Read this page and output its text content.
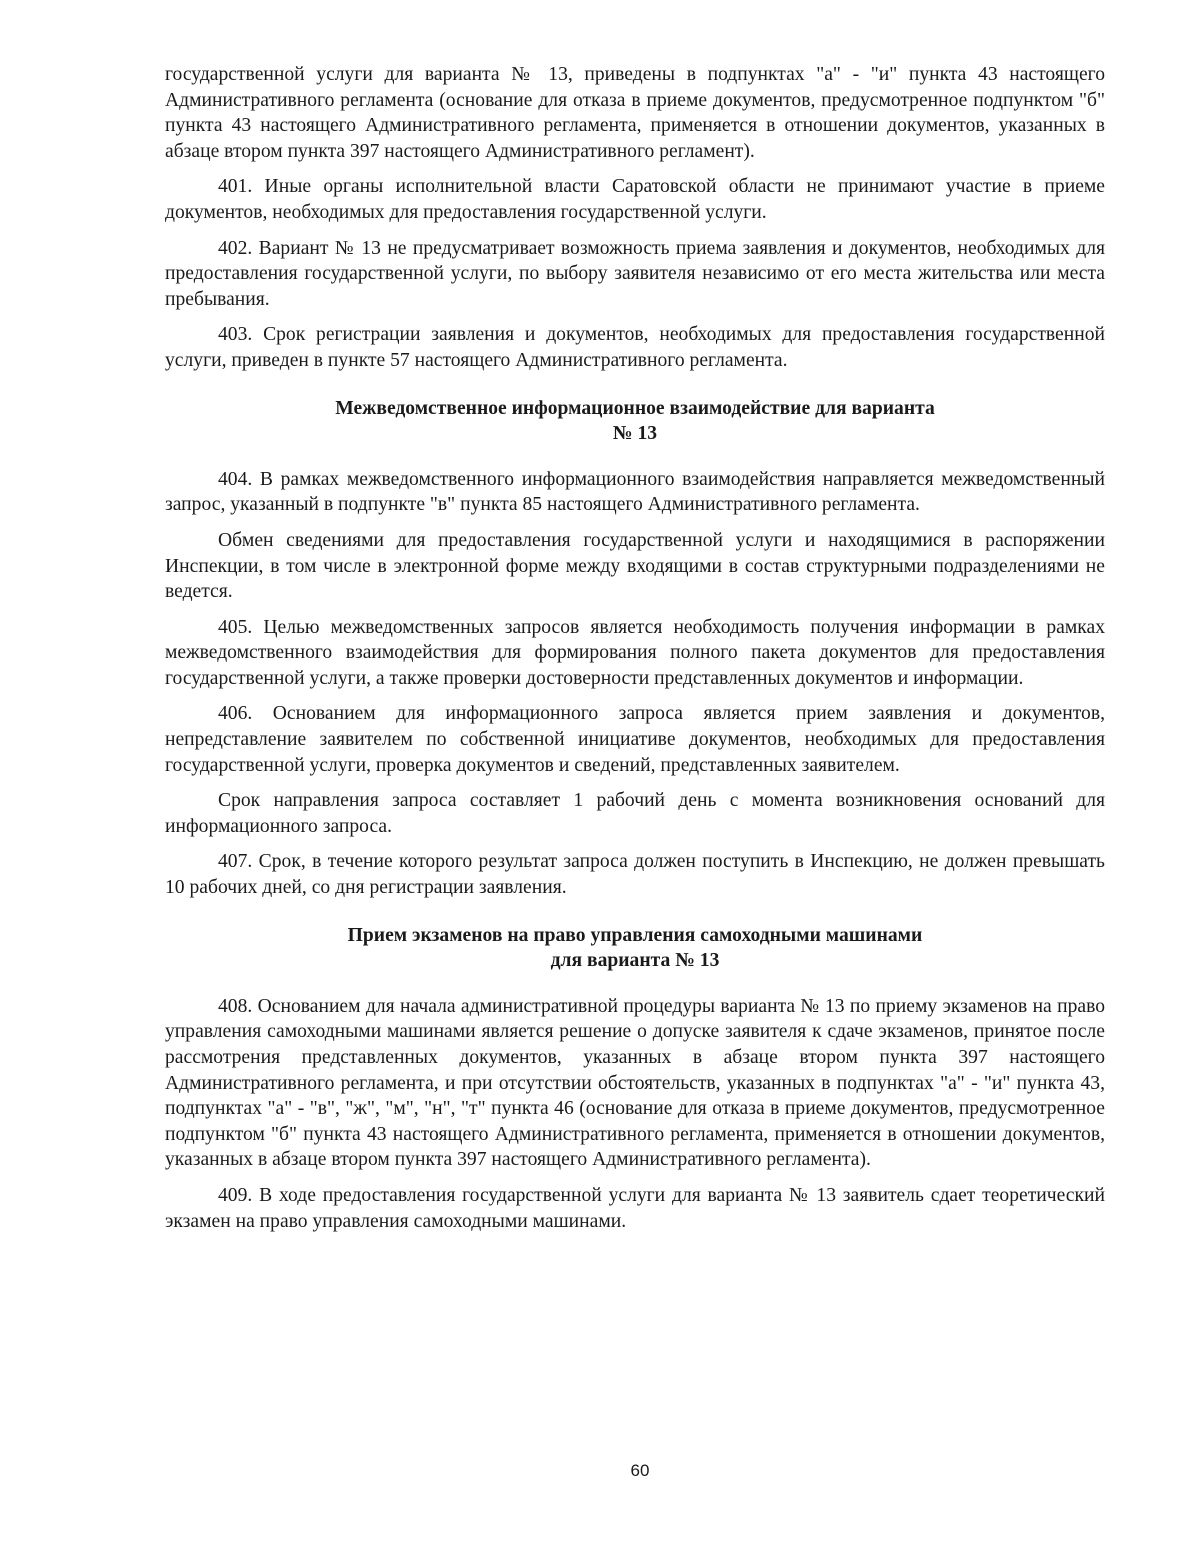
государственной услуги для варианта № 13, приведены в подпунктах "а" - "и" пункта 43 настоящего Административного регламента (основание для отказа в приеме документов, предусмотренное подпунктом "б" пункта 43 настоящего Административного регламента, применяется в отношении документов, указанных в абзаце втором пункта 397 настоящего Административного регламент).

401. Иные органы исполнительной власти Саратовской области не принимают участие в приеме документов, необходимых для предоставления государственной услуги.

402. Вариант № 13 не предусматривает возможность приема заявления и документов, необходимых для предоставления государственной услуги, по выбору заявителя независимо от его места жительства или места пребывания.

403. Срок регистрации заявления и документов, необходимых для предоставления государственной услуги, приведен в пункте 57 настоящего Административного регламента.

Межведомственное информационное взаимодействие для варианта
№ 13

404. В рамках межведомственного информационного взаимодействия направляется межведомственный запрос, указанный в подпункте "в" пункта 85 настоящего Административного регламента.

Обмен сведениями для предоставления государственной услуги и находящимися в распоряжении Инспекции, в том числе в электронной форме между входящими в состав структурными подразделениями не ведется.

405. Целью межведомственных запросов является необходимость получения информации в рамках межведомственного взаимодействия для формирования полного пакета документов для предоставления государственной услуги, а также проверки достоверности представленных документов и информации.

406. Основанием для информационного запроса является прием заявления и документов, непредставление заявителем по собственной инициативе документов, необходимых для предоставления государственной услуги, проверка документов и сведений, представленных заявителем.

Срок направления запроса составляет 1 рабочий день с момента возникновения оснований для информационного запроса.

407. Срок, в течение которого результат запроса должен поступить в Инспекцию, не должен превышать 10 рабочих дней, со дня регистрации заявления.

Прием экзаменов на право управления самоходными машинами
для варианта № 13

408. Основанием для начала административной процедуры варианта № 13 по приему экзаменов на право управления самоходными машинами является решение о допуске заявителя к сдаче экзаменов, принятое после рассмотрения представленных документов, указанных в абзаце втором пункта 397 настоящего Административного регламента, и при отсутствии обстоятельств, указанных в подпунктах "а" - "и" пункта 43, подпунктах "а" - "в", "ж", "м", "н", "т" пункта 46 (основание для отказа в приеме документов, предусмотренное подпунктом "б" пункта 43 настоящего Административного регламента, применяется в отношении документов, указанных в абзаце втором пункта 397 настоящего Административного регламента).

409. В ходе предоставления государственной услуги для варианта № 13 заявитель сдает теоретический экзамен на право управления самоходными машинами.

60
